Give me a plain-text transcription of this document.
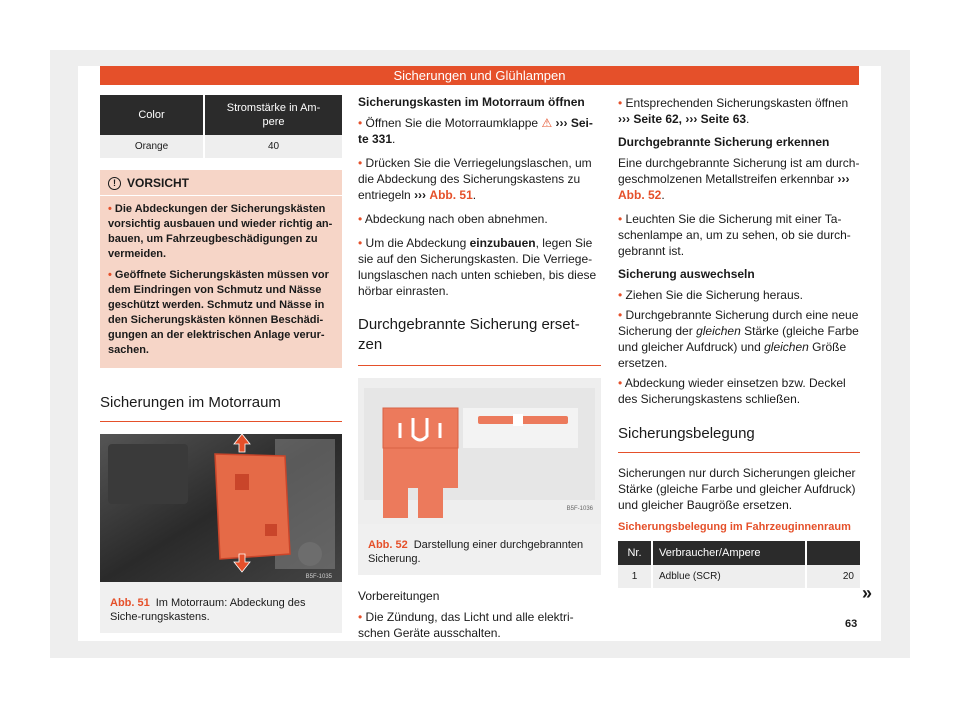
Sicherungen und Glühlampen
Color	Stromstärke in Am-
pere
Orange	40
! VORSICHT
• Die Abdeckungen der Sicherungskästen vorsichtig ausbauen und wieder richtig an-bauen, um Fahrzeugbeschädigungen zu vermeiden.
• Geöffnete Sicherungskästen müssen vor dem Eindringen von Schmutz und Nässe geschützt werden. Schmutz und Nässe in den Sicherungskästen können Beschädi-gungen an der elektrischen Anlage verur-sachen.
Sicherungen im Motorraum
B5F-1035
Abb. 51 Im Motorraum: Abdeckung des Siche-rungskastens.
Sicherungskasten im Motorraum öffnen

• Öffnen Sie die Motorraumklappe ⚠ ››› Sei-te 331.

• Drücken Sie die Verriegelungslaschen, um die Abdeckung des Sicherungskastens zu entriegeln ››› Abb. 51.

• Abdeckung nach oben abnehmen.

• Um die Abdeckung einzubauen, legen Sie sie auf den Sicherungskasten. Die Verriege-lungslaschen nach unten schieben, bis diese hörbar einrasten.

Durchgebrannte Sicherung erset-zen
B5F-1036
Abb. 52 Darstellung einer durchgebrannten Sicherung.
Vorbereitungen

• Die Zündung, das Licht und alle elektri-schen Geräte ausschalten.

• Entsprechenden Sicherungskasten öffnen ››› Seite 62, ››› Seite 63.

Durchgebrannte Sicherung erkennen

Eine durchgebrannte Sicherung ist am durch-geschmolzenen Metallstreifen erkennbar ››› Abb. 52.

• Leuchten Sie die Sicherung mit einer Ta-schenlampe an, um zu sehen, ob sie durch-gebrannt ist.

Sicherung auswechseln

• Ziehen Sie die Sicherung heraus.

• Durchgebrannte Sicherung durch eine neue Sicherung der gleichen Stärke (gleiche Farbe und gleicher Aufdruck) und gleichen Größe ersetzen.

• Abdeckung wieder einsetzen bzw. Deckel des Sicherungskastens schließen.

Sicherungsbelegung

Sicherungen nur durch Sicherungen gleicher Stärke (gleiche Farbe und gleicher Aufdruck) und gleicher Baugröße ersetzen.

Sicherungsbelegung im Fahrzeuginnenraum
Nr.	Verbraucher/Ampere	
1	Adblue (SCR)	20
»
63
